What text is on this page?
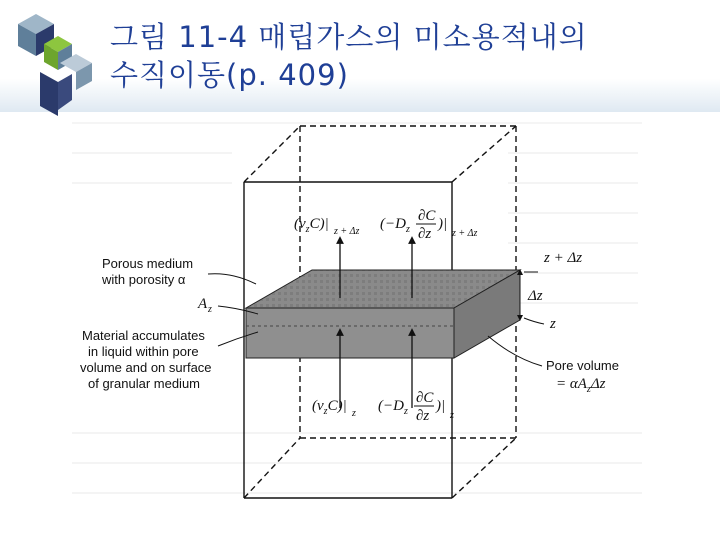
그림 11-4 매립가스의 미소용적내의
수직이동(p. 409)
$(v_zC)|$ z + Δz ($-D_z$
∂C
∂z
)|
z + Δz
$(v_zC)|$ z ($-D_z$
∂C
∂z
)|
z
Porous medium
with porosity α
A z
Material accumulates
in liquid within pore
volume and on surface
of granular medium
z + Δz
Δz
z
Pore volume
= $\alpha A_z\Delta z$
